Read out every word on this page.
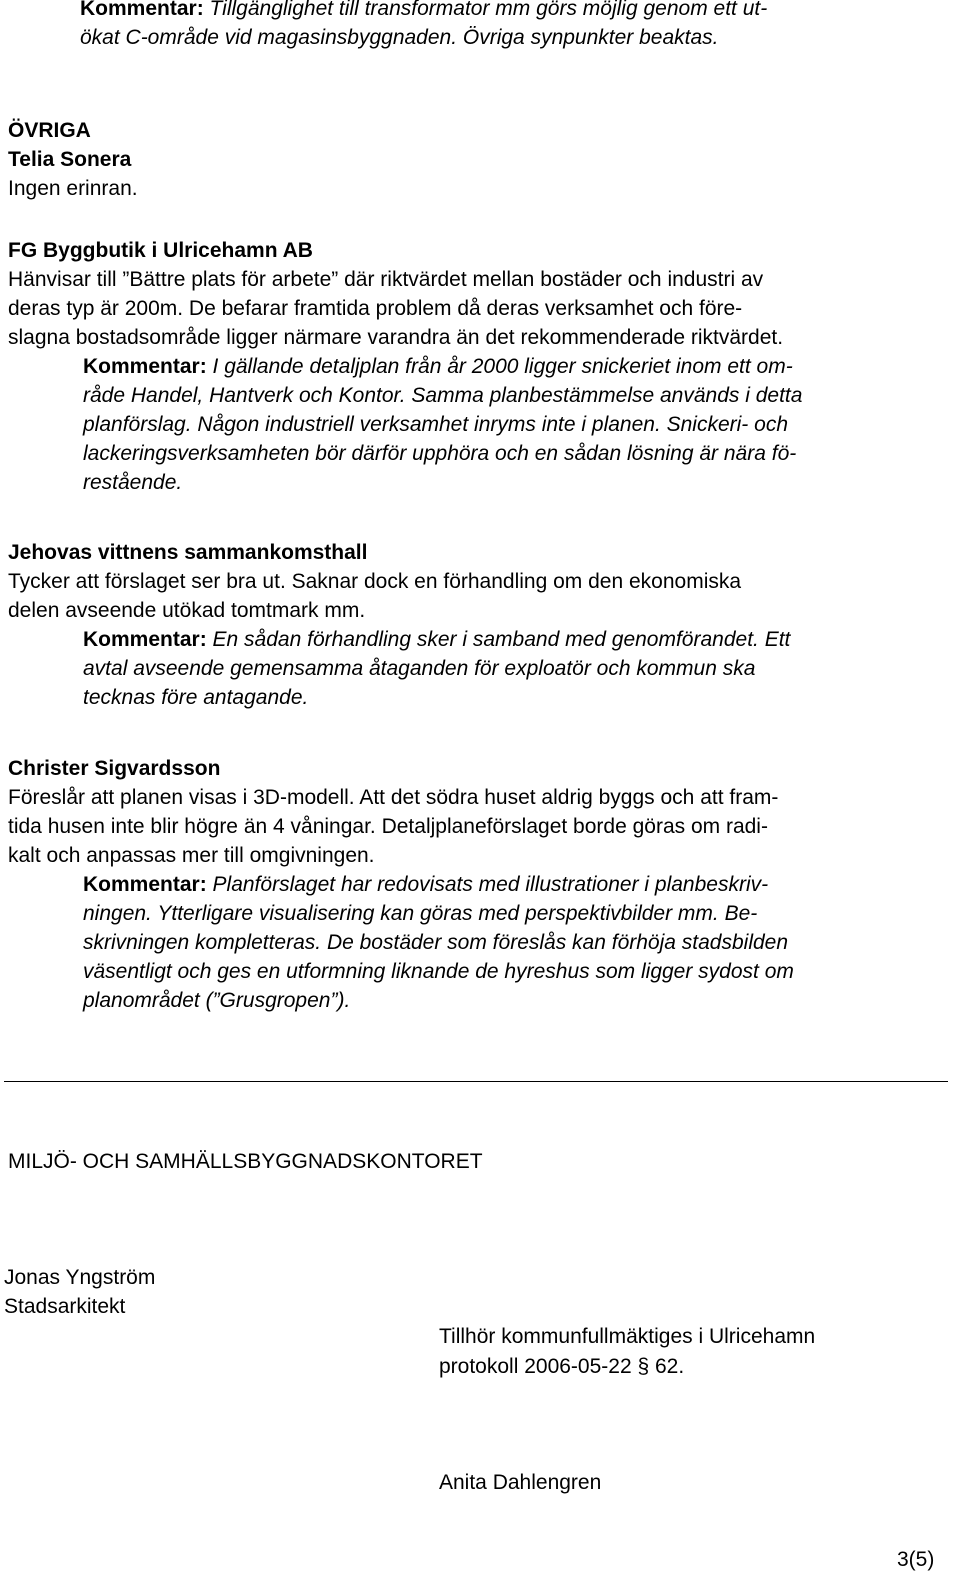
Kommentar: Tillgänglighet till transformator mm görs möjlig genom ett ut-
ökat C-område vid magasinsbyggnaden. Övriga synpunkter beaktas.
ÖVRIGA
Telia Sonera
Ingen erinran.
FG Byggbutik i Ulricehamn AB
Hänvisar till ”Bättre plats för arbete” där riktvärdet mellan bostäder och industri av
deras typ är 200m. De befarar framtida problem då deras verksamhet och före-
slagna bostadsområde ligger närmare varandra än det rekommenderade riktvärdet.
Kommentar: I gällande detaljplan från år 2000 ligger snickeriet inom ett om-
råde Handel, Hantverk och Kontor. Samma planbestämmelse används i detta
planförslag. Någon industriell verksamhet inryms inte i planen. Snickeri- och
lackeringsverksamheten bör därför upphöra och en sådan lösning är nära fö-
restående.
Jehovas vittnens sammankomsthall
Tycker att förslaget ser bra ut. Saknar dock en förhandling om den ekonomiska
delen avseende utökad tomtmark mm.
Kommentar: En sådan förhandling sker i samband med genomförandet. Ett
avtal avseende gemensamma åtaganden för exploatör och kommun ska
tecknas före antagande.
Christer Sigvardsson
Föreslår att planen visas i 3D-modell. Att det södra huset aldrig byggs och att fram-
tida husen inte blir högre än 4 våningar. Detaljplaneförslaget borde göras om radi-
kalt och anpassas mer till omgivningen.
Kommentar: Planförslaget har redovisats med illustrationer i planbeskriv-
ningen. Ytterligare visualisering kan göras med perspektivbilder mm. Be-
skrivningen kompletteras. De bostäder som föreslås kan förhöja stadsbilden
väsentligt och ges en utformning liknande de hyreshus som ligger sydost om
planområdet (”Grusgropen”).
MILJÖ- OCH SAMHÄLLSBYGGNADSKONTORET
Jonas Yngström
Stadsarkitekt
Tillhör kommunfullmäktiges i Ulricehamn
protokoll 2006-05-22 § 62.
Anita Dahlengren
3(5)
